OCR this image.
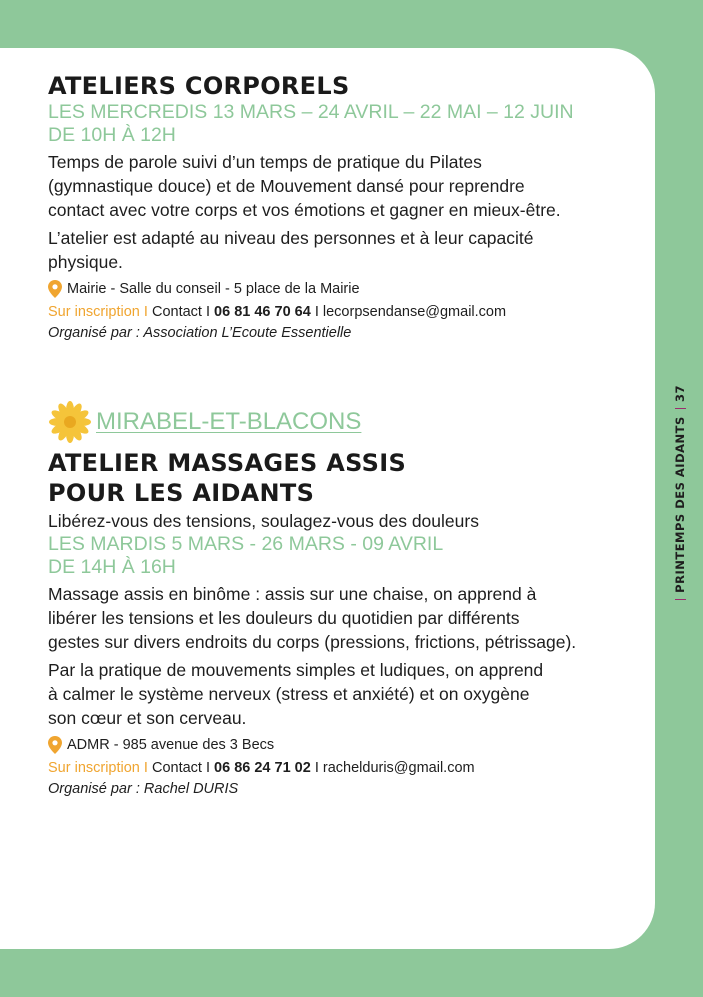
ATELIERS CORPORELS
LES MERCREDIS 13 MARS – 24 AVRIL – 22 MAI – 12 JUIN
DE 10H À 12H

Temps de parole suivi d’un temps de pratique du Pilates
(gymnastique douce) et de Mouvement dansé pour reprendre
contact avec votre corps et vos émotions et gagner en mieux-être.

L’atelier est adapté au niveau des personnes et à leur capacité
physique.

Mairie - Salle du conseil - 5 place de la Mairie
Sur inscription I Contact I 06 81 46 70 64 I lecorpsendanse@gmail.com
Organisé par : Association L’Ecoute Essentielle
MIRABEL-ET-BLACONS
ATELIER MASSAGES ASSIS
POUR LES AIDANTS
Libérez-vous des tensions, soulagez-vous des douleurs
LES MARDIS 5 MARS - 26 MARS - 09 AVRIL
DE 14H À 16H

Massage assis en binôme : assis sur une chaise, on apprend à
libérer les tensions et les douleurs du quotidien par différents
gestes sur divers endroits du corps (pressions, frictions, pétrissage).

Par la pratique de mouvements simples et ludiques, on apprend
à calmer le système nerveux (stress et anxiété) et on oxygène
son cœur et son cerveau.

ADMR - 985 avenue des 3 Becs
Sur inscription I Contact I 06 86 24 71 02 I rachelduris@gmail.com
Organisé par : Rachel DURIS
PRINTEMPS DES AIDANTS
37
